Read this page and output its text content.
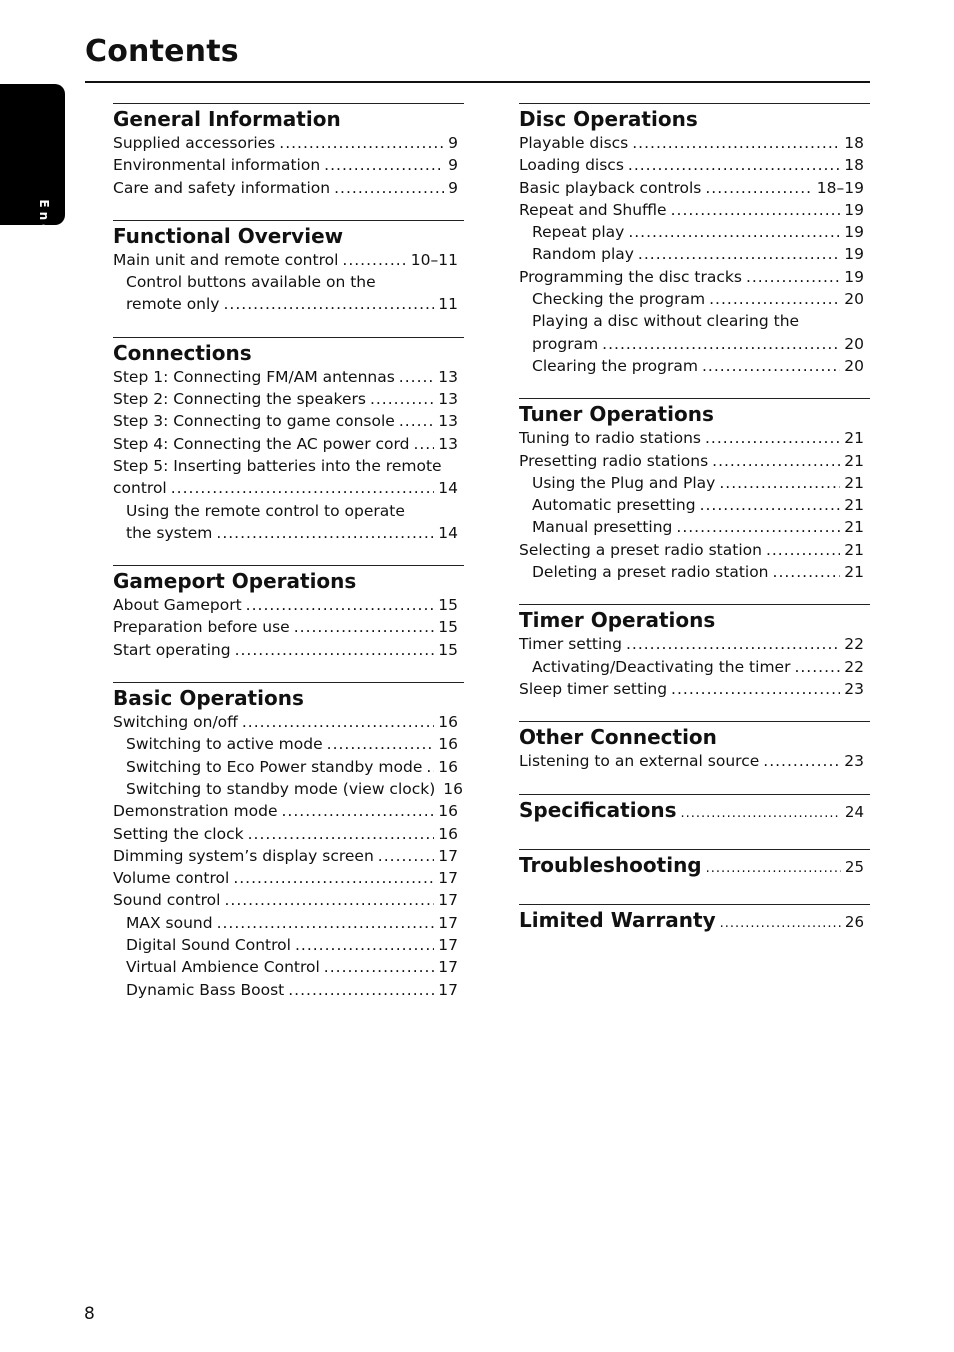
Contents
English
General Information
Supplied accessories .....	9
Environmental information .....	9
Care and safety information .....	9
Functional Overview
Main unit and remote control .....	10–11
Control buttons available on the
remote only .....	11
Connections
Step 1: Connecting FM/AM antennas .....	13
Step 2: Connecting the speakers .....	13
Step 3: Connecting to game console .....	13
Step 4: Connecting the AC power cord ..... 13
Step 5: Inserting batteries into the remote
control .....	14
Using the remote control to operate
the system .....	14
Gameport Operations
About Gameport .....	15
Preparation before use .....	15
Start operating .....	15
Basic Operations
Switching on/off .....	16
Switching to active mode .....	16
Switching to Eco Power standby mode ..... 16
Switching to standby mode (view clock) 16
Demonstration mode .....	16
Setting the clock .....	16
Dimming system’s display screen .....	17
Volume control .....	17
Sound control .....	17
MAX sound .....	17
Digital Sound Control .....	17
Virtual Ambience Control .....	17
Dynamic Bass Boost .....	17
Disc Operations
Playable discs .....	18
Loading discs .....	18
Basic playback controls .....	18–19
Repeat and Shuffle .....	19
Repeat play .....	19
Random play .....	19
Programming the disc tracks .....	19
Checking the program .....	20
Playing a disc without clearing the
program .....	20
Clearing the program .....	20
Tuner Operations
Tuning to radio stations .....	21
Presetting radio stations .....	21
Using the Plug and Play .....	21
Automatic presetting .....	21
Manual presetting .....	21
Selecting a preset radio station .....	21
Deleting a preset radio station .....	21
Timer Operations
Timer setting .....	22
Activating/Deactivating the timer .....	22
Sleep timer setting .....	23
Other Connection
Listening to an external source .....	23
Specifications .....	24
Troubleshooting .....	25
Limited Warranty .....	26
8
